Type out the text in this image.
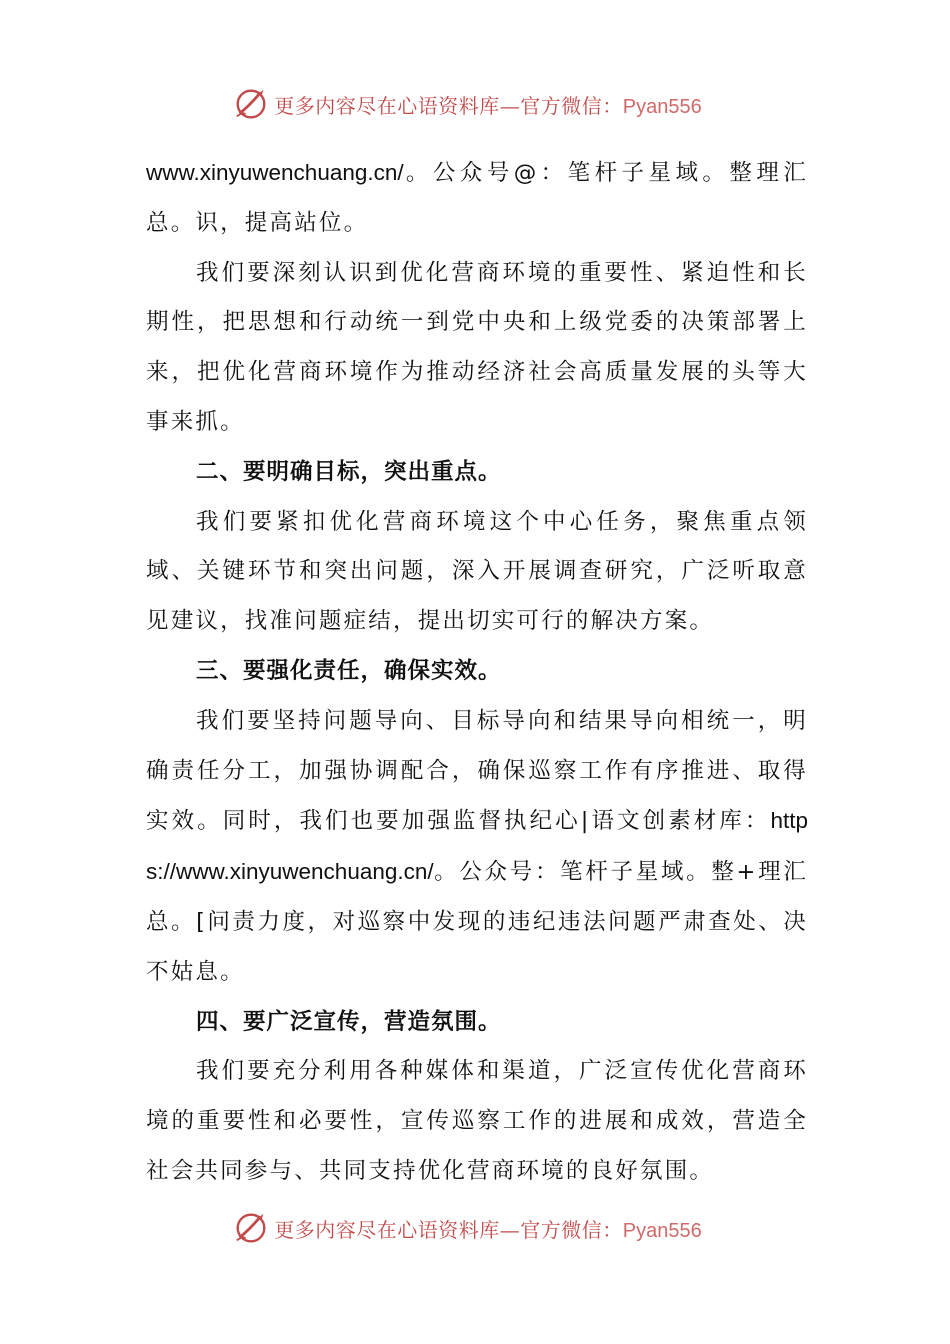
更多内容尽在心语资料库—官方微信：Pyan556

www.xinyuwenchuang.cn/。公众号@：笔杆子星域。整理汇总。识，提高站位。

我们要深刻认识到优化营商环境的重要性、紧迫性和长期性，把思想和行动统一到党中央和上级党委的决策部署上来，把优化营商环境作为推动经济社会高质量发展的头等大事来抓。

二、要明确目标，突出重点。

我们要紧扣优化营商环境这个中心任务，聚焦重点领域、关键环节和突出问题，深入开展调查研究，广泛听取意见建议，找准问题症结，提出切实可行的解决方案。

三、要强化责任，确保实效。

我们要坚持问题导向、目标导向和结果导向相统一，明确责任分工，加强协调配合，确保巡察工作有序推进、取得实效。同时，我们也要加强监督执纪心|语文创素材库：https://www.xinyuwenchuang.cn/。公众号：笔杆子星域。整+理汇总。[问责力度，对巡察中发现的违纪违法问题严肃查处、决不姑息。

四、要广泛宣传，营造氛围。

我们要充分利用各种媒体和渠道，广泛宣传优化营商环境的重要性和必要性，宣传巡察工作的进展和成效，营造全社会共同参与、共同支持优化营商环境的良好氛围。

更多内容尽在心语资料库—官方微信：Pyan556
